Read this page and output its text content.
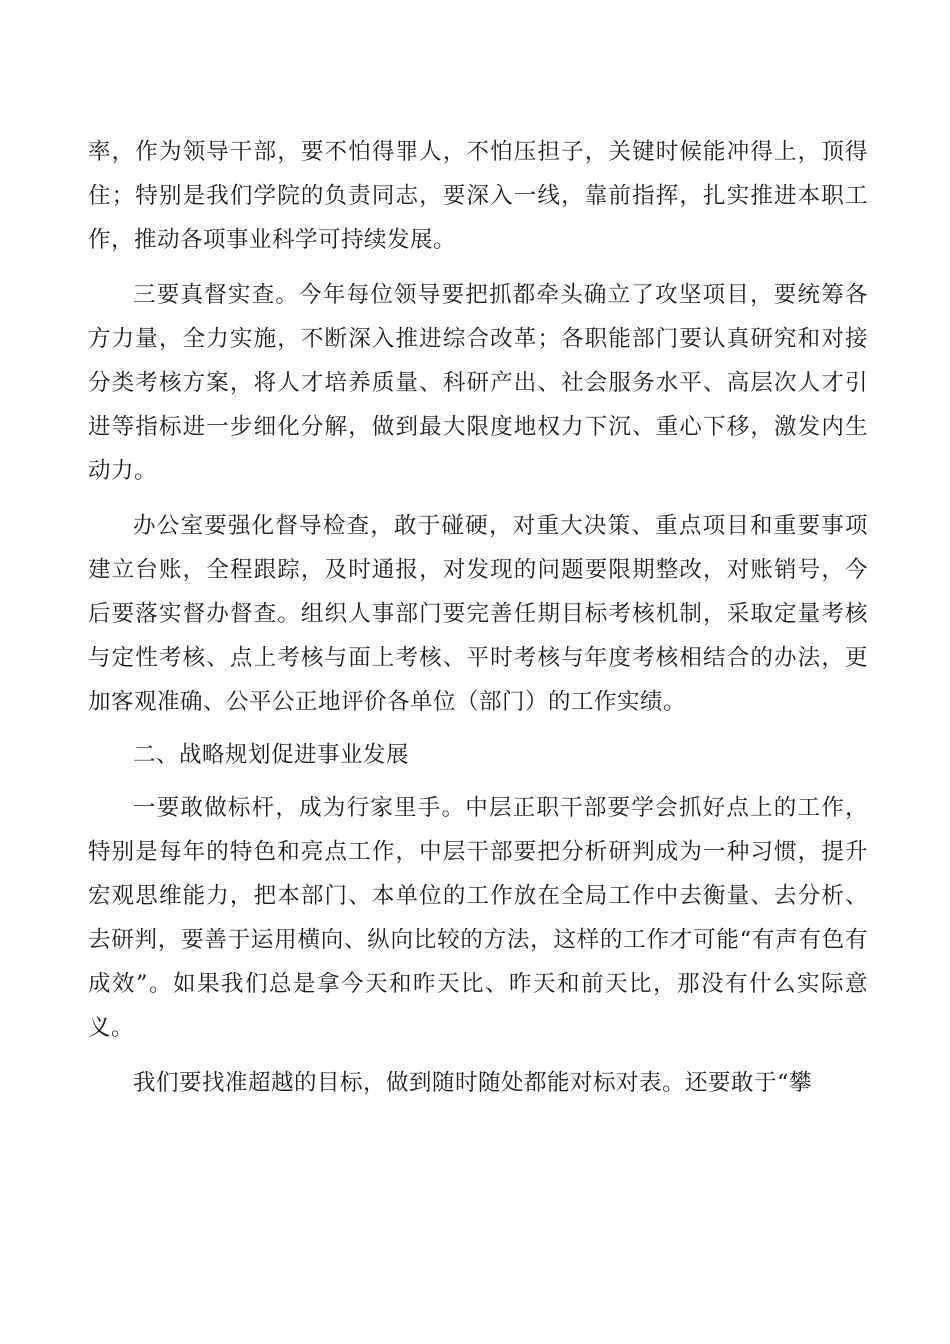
率，作为领导干部，要不怕得罪人，不怕压担子，关键时候能冲得上，顶得住；特别是我们学院的负责同志，要深入一线，靠前指挥，扎实推进本职工作，推动各项事业科学可持续发展。

三要真督实查。今年每位领导要把抓都牵头确立了攻坚项目，要统筹各方力量，全力实施，不断深入推进综合改革；各职能部门要认真研究和对接分类考核方案，将人才培养质量、科研产出、社会服务水平、高层次人才引进等指标进一步细化分解，做到最大限度地权力下沉、重心下移，激发内生动力。

办公室要强化督导检查，敢于碰硬，对重大决策、重点项目和重要事项建立台账，全程跟踪，及时通报，对发现的问题要限期整改，对账销号，今后要落实督办督查。组织人事部门要完善任期目标考核机制，采取定量考核与定性考核、点上考核与面上考核、平时考核与年度考核相结合的办法，更加客观准确、公平公正地评价各单位（部门）的工作实绩。

二、战略规划促进事业发展

一要敢做标杆，成为行家里手。中层正职干部要学会抓好点上的工作，特别是每年的特色和亮点工作，中层干部要把分析研判成为一种习惯，提升宏观思维能力，把本部门、本单位的工作放在全局工作中去衡量、去分析、去研判，要善于运用横向、纵向比较的方法，这样的工作才可能“有声有色有成效”。如果我们总是拿今天和昨天比、昨天和前天比，那没有什么实际意义。

我们要找准超越的目标，做到随时随处都能对标对表。还要敢于“攀
